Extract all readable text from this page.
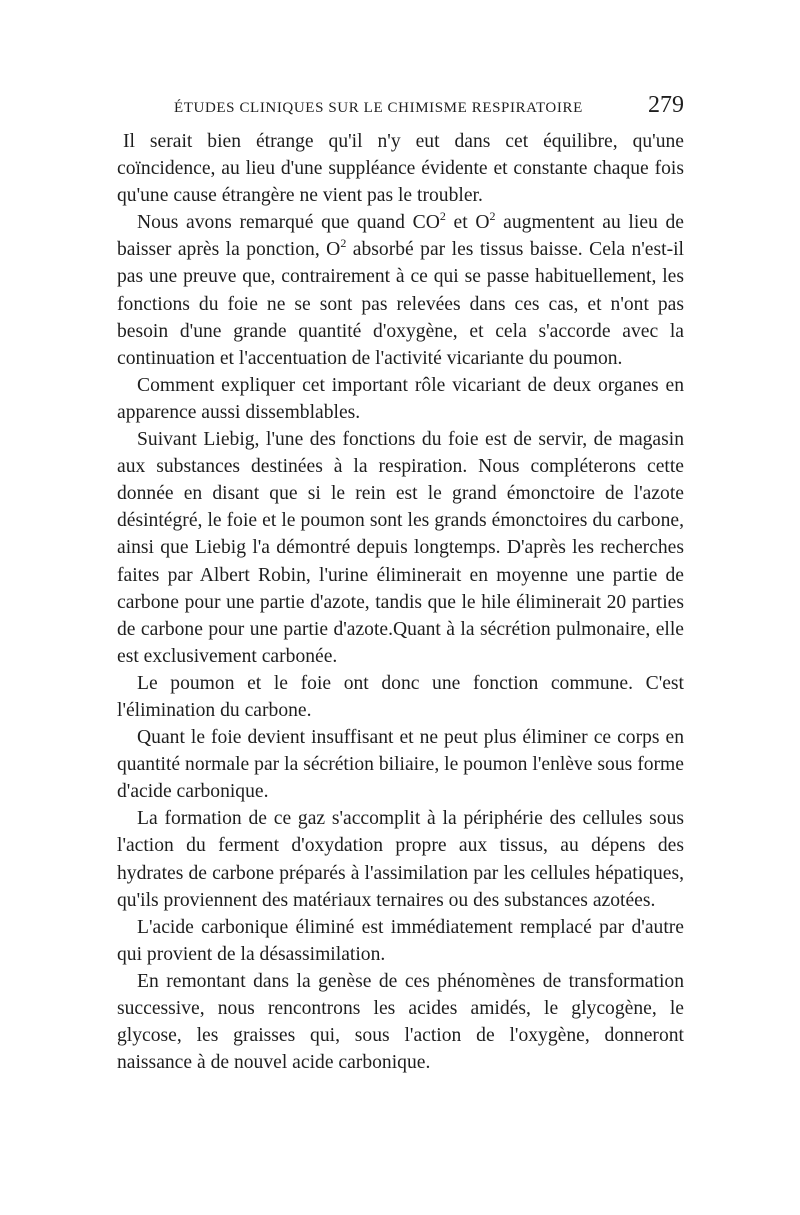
ÉTUDES CLINIQUES SUR LE CHIMISME RESPIRATOIRE	279

Il serait bien étrange qu'il n'y eut dans cet équilibre, qu'une coïncidence, au lieu d'une suppléance évidente et constante chaque fois qu'une cause étrangère ne vient pas le troubler.

Nous avons remarqué que quand $CO^2$ et $O^2$ augmentent au lieu de baisser après la ponction, $O^2$ absorbé par les tissus baisse. Cela n'est-il pas une preuve que, contrairement à ce qui se passe habituellement, les fonctions du foie ne se sont pas relevées dans ces cas, et n'ont pas besoin d'une grande quantité d'oxygène, et cela s'accorde avec la continuation et l'accentuation de l'activité vicariante du poumon.

Comment expliquer cet important rôle vicariant de deux organes en apparence aussi dissemblables.

Suivant Liebig, l'une des fonctions du foie est de servir, de magasin aux substances destinées à la respiration. Nous compléterons cette donnée en disant que si le rein est le grand émonctoire de l'azote désintégré, le foie et le poumon sont les grands émonctoires du carbone, ainsi que Liebig l'a démontré depuis longtemps. D'après les recherches faites par Albert Robin, l'urine éliminerait en moyenne une partie de carbone pour une partie d'azote, tandis que le hile éliminerait 20 parties de carbone pour une partie d'azote.Quant à la sécrétion pulmonaire, elle est exclusivement carbonée.

Le poumon et le foie ont donc une fonction commune. C'est l'élimination du carbone.

Quant le foie devient insuffisant et ne peut plus éliminer ce corps en quantité normale par la sécrétion biliaire, le poumon l'enlève sous forme d'acide carbonique.

La formation de ce gaz s'accomplit à la périphérie des cellules sous l'action du ferment d'oxydation propre aux tissus, au dépens des hydrates de carbone préparés à l'assimilation par les cellules hépatiques, qu'ils proviennent des matériaux ternaires ou des substances azotées.

L'acide carbonique éliminé est immédiatement remplacé par d'autre qui provient de la désassimilation.

En remontant dans la genèse de ces phénomènes de transformation successive, nous rencontrons les acides amidés, le glycogène, le glycose, les graisses qui, sous l'action de l'oxygène, donneront naissance à de nouvel acide carbonique.
